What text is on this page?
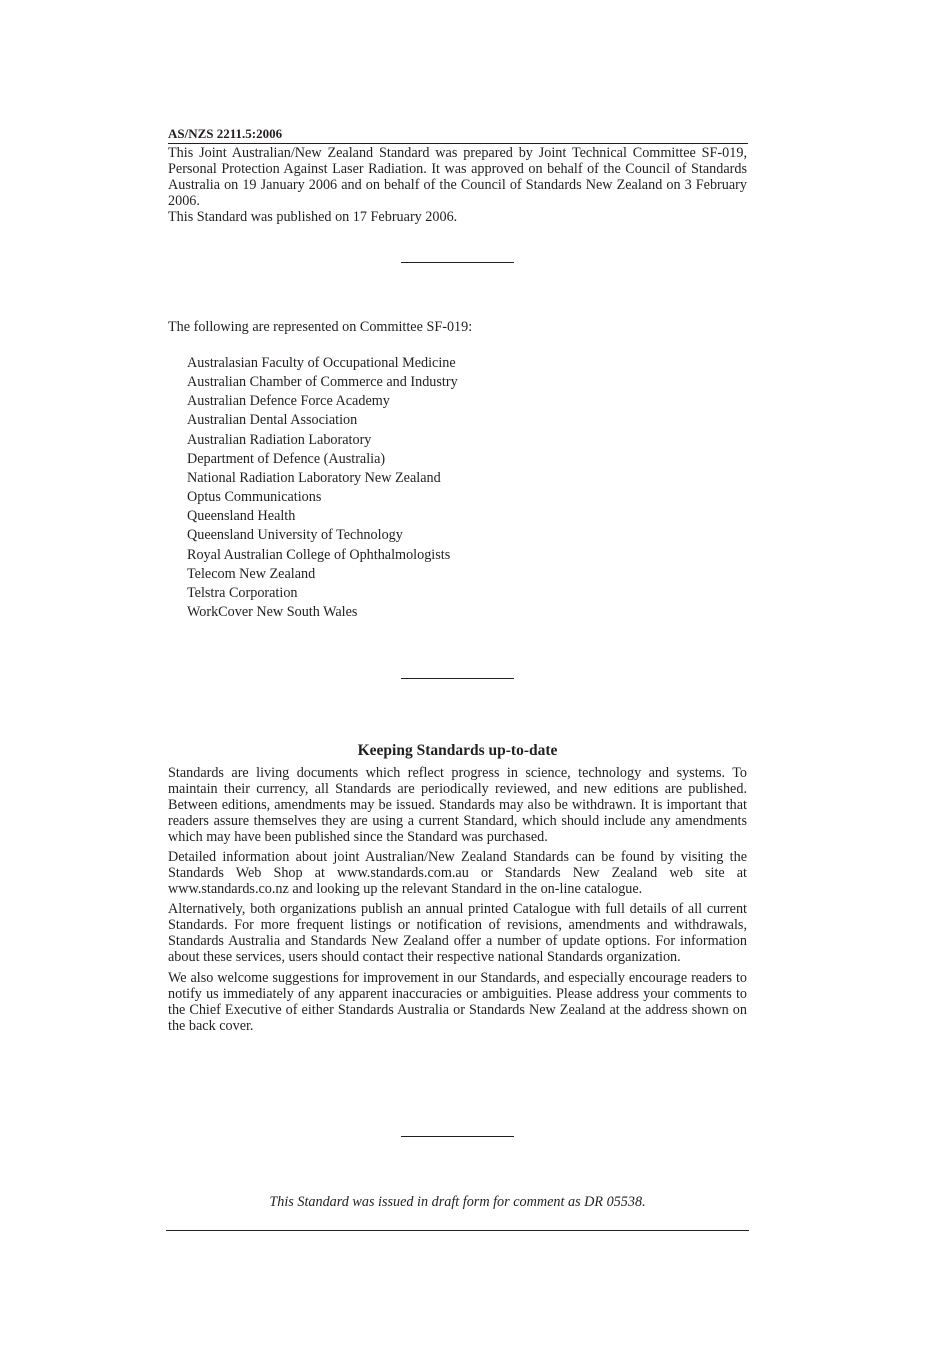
AS/NZS 2211.5:2006

This Joint Australian/New Zealand Standard was prepared by Joint Technical Committee SF-019, Personal Protection Against Laser Radiation. It was approved on behalf of the Council of Standards Australia on 19 January 2006 and on behalf of the Council of Standards New Zealand on 3 February 2006.

This Standard was published on 17 February 2006.

The following are represented on Committee SF-019:
Australasian Faculty of Occupational Medicine
Australian Chamber of Commerce and Industry
Australian Defence Force Academy
Australian Dental Association
Australian Radiation Laboratory
Department of Defence (Australia)
National Radiation Laboratory New Zealand
Optus Communications
Queensland Health
Queensland University of Technology
Royal Australian College of Ophthalmologists
Telecom New Zealand
Telstra Corporation
WorkCover New South Wales
Keeping Standards up-to-date

Standards are living documents which reflect progress in science, technology and systems. To maintain their currency, all Standards are periodically reviewed, and new editions are published. Between editions, amendments may be issued. Standards may also be withdrawn. It is important that readers assure themselves they are using a current Standard, which should include any amendments which may have been published since the Standard was purchased.

Detailed information about joint Australian/New Zealand Standards can be found by visiting the Standards Web Shop at www.standards.com.au or Standards New Zealand web site at www.standards.co.nz and looking up the relevant Standard in the on-line catalogue.

Alternatively, both organizations publish an annual printed Catalogue with full details of all current Standards. For more frequent listings or notification of revisions, amendments and withdrawals, Standards Australia and Standards New Zealand offer a number of update options. For information about these services, users should contact their respective national Standards organization.

We also welcome suggestions for improvement in our Standards, and especially encourage readers to notify us immediately of any apparent inaccuracies or ambiguities. Please address your comments to the Chief Executive of either Standards Australia or Standards New Zealand at the address shown on the back cover.

This Standard was issued in draft form for comment as DR 05538.
